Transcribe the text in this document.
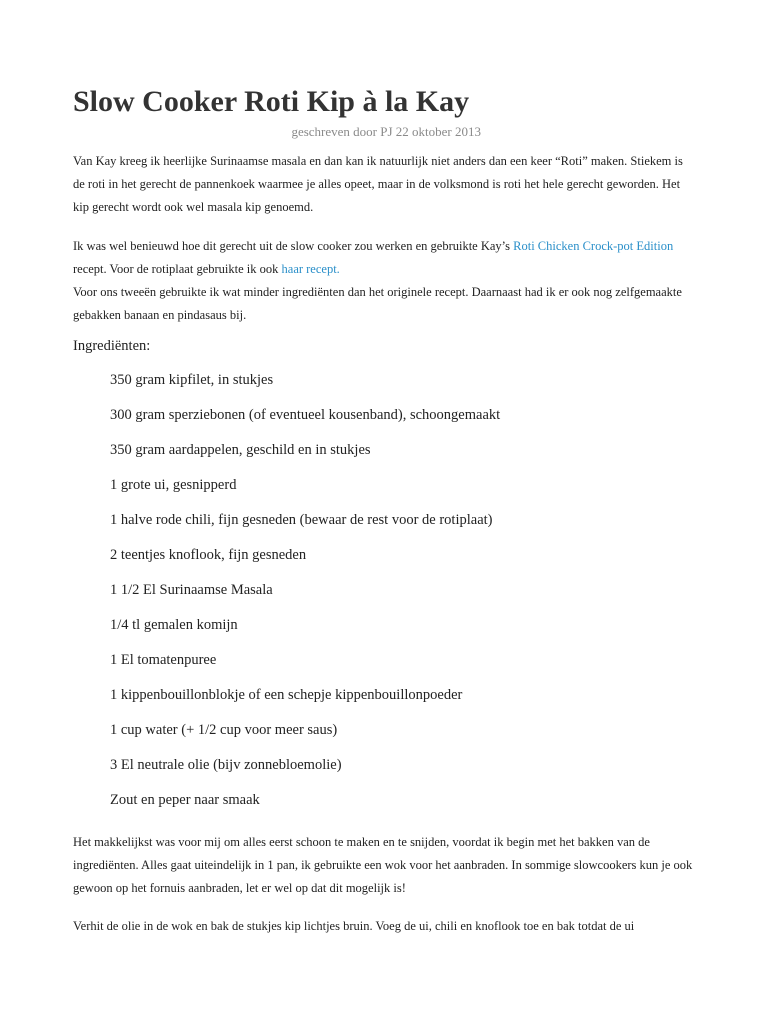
Slow Cooker Roti Kip à la Kay
geschreven door PJ 22 oktober 2013

Van Kay kreeg ik heerlijke Surinaamse masala en dan kan ik natuurlijk niet anders dan een keer “Roti” maken. Stiekem is de roti in het gerecht de pannenkoek waarmee je alles opeet, maar in de volksmond is roti het hele gerecht geworden. Het kip gerecht wordt ook wel masala kip genoemd.

Ik was wel benieuwd hoe dit gerecht uit de slow cooker zou werken en gebruikte Kay’s Roti Chicken Crock-pot Edition recept. Voor de rotiplaat gebruikte ik ook haar recept.

Voor ons tweeën gebruikte ik wat minder ingrediënten dan het originele recept. Daarnaast had ik er ook nog zelfgemaakte gebakken banaan en pindasaus bij.

Ingrediënten:
350 gram kipfilet, in stukjes
300 gram sperziebonen (of eventueel kousenband), schoongemaakt
350 gram aardappelen, geschild en in stukjes
1 grote ui, gesnipperd
1 halve rode chili, fijn gesneden (bewaar de rest voor de rotiplaat)
2 teentjes knoflook, fijn gesneden
1 1/2 El Surinaamse Masala
1/4 tl gemalen komijn
1 El tomatenpuree
1 kippenbouillonblokje of een schepje kippenbouillonpoeder
1 cup water (+ 1/2 cup voor meer saus)
3 El neutrale olie (bijv zonnebloemolie)
Zout en peper naar smaak

Het makkelijkst was voor mij om alles eerst schoon te maken en te snijden, voordat ik begin met het bakken van de ingrediënten. Alles gaat uiteindelijk in 1 pan, ik gebruikte een wok voor het aanbraden. In sommige slowcookers kun je ook gewoon op het fornuis aanbraden, let er wel op dat dit mogelijk is!

Verhit de olie in de wok en bak de stukjes kip lichtjes bruin. Voeg de ui, chili en knoflook toe en bak totdat de ui
